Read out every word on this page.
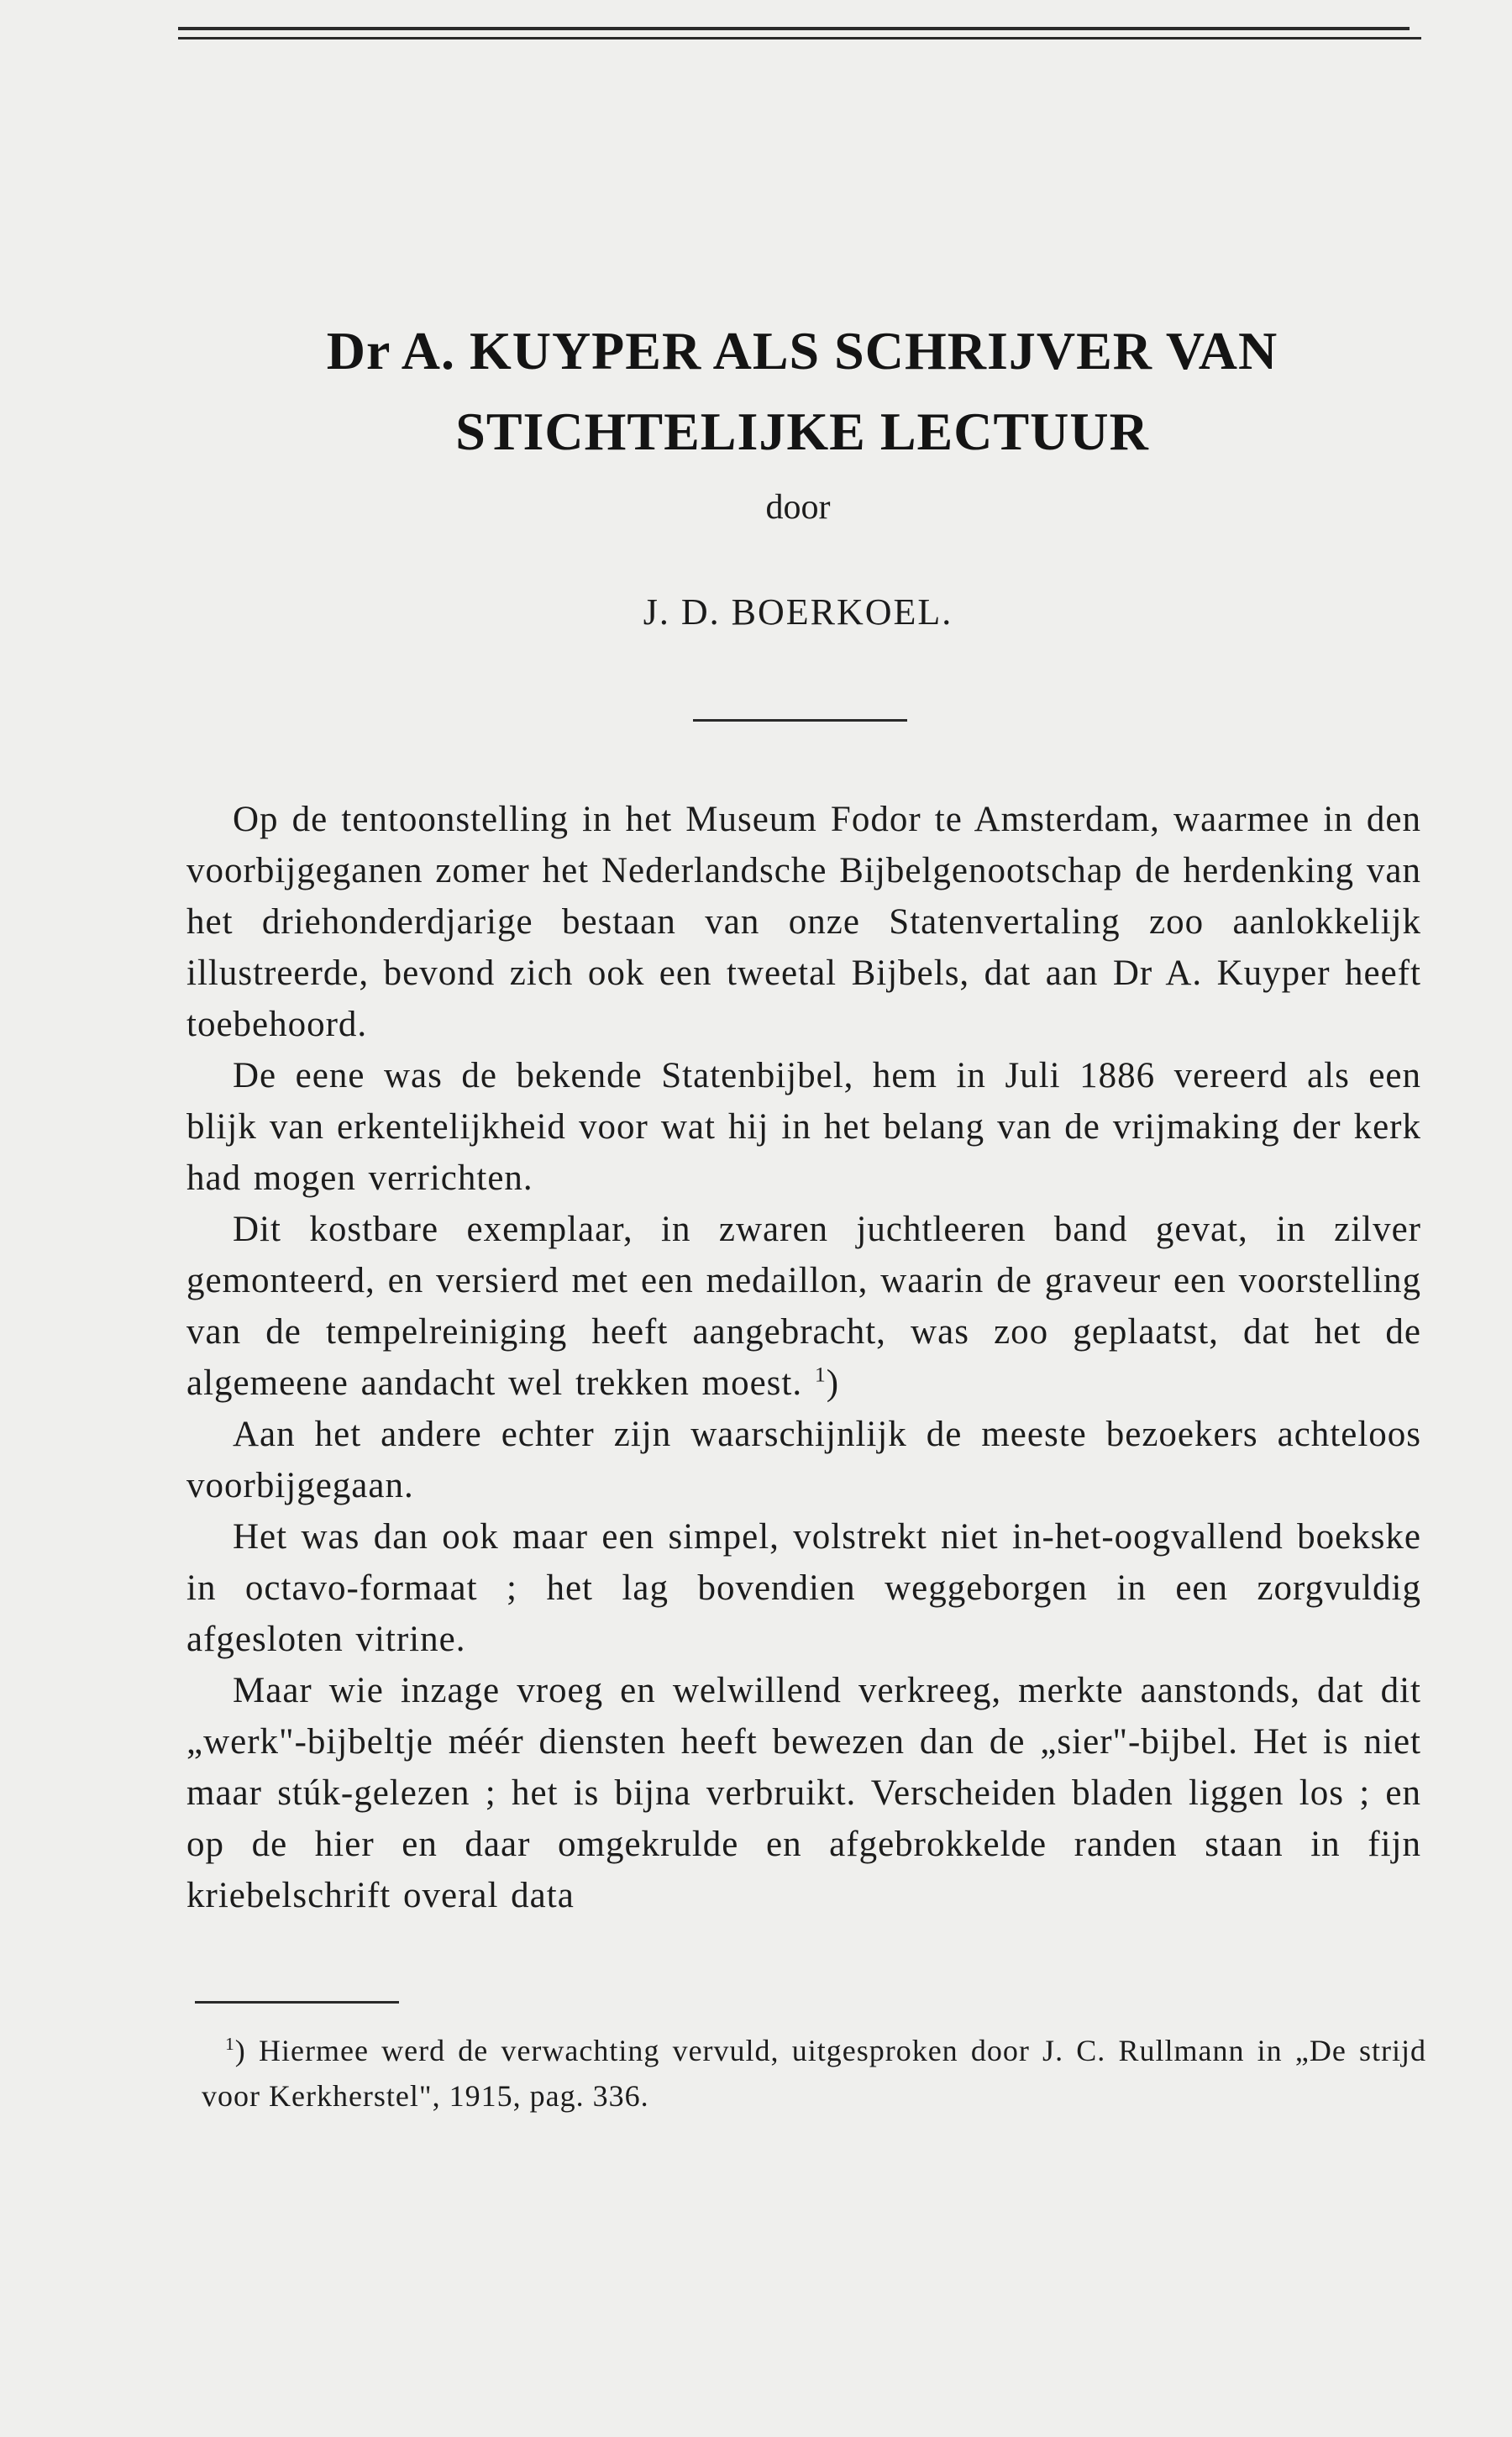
Dr A. KUYPER ALS SCHRIJVER VAN
STICHTELIJKE LECTUUR
door
J. D. BOERKOEL.

Op de tentoonstelling in het Museum Fodor te Amsterdam, waarmee in den voorbijgeganen zomer het Nederlandsche Bijbelgenootschap de herdenking van het driehonderdjarige bestaan van onze Statenvertaling zoo aanlokkelijk illustreerde, bevond zich ook een tweetal Bijbels, dat aan Dr A. Kuyper heeft toebehoord.

De eene was de bekende Statenbijbel, hem in Juli 1886 vereerd als een blijk van erkentelijkheid voor wat hij in het belang van de vrijmaking der kerk had mogen verrichten.

Dit kostbare exemplaar, in zwaren juchtleeren band gevat, in zilver gemonteerd, en versierd met een medaillon, waarin de graveur een voorstelling van de tempelreiniging heeft aangebracht, was zoo geplaatst, dat het de algemeene aandacht wel trekken moest. $^1$)

Aan het andere echter zijn waarschijnlijk de meeste bezoekers achteloos voorbijgegaan.

Het was dan ook maar een simpel, volstrekt niet in-het-oogvallend boekske in octavo-formaat ; het lag bovendien weggeborgen in een zorgvuldig afgesloten vitrine.

Maar wie inzage vroeg en welwillend verkreeg, merkte aanstonds, dat dit „werk"-bijbeltje méér diensten heeft bewezen dan de „sier"-bijbel. Het is niet maar stúk-gelezen ; het is bijna verbruikt. Verscheiden bladen liggen los ; en op de hier en daar omgekrulde en afgebrokkelde randen staan in fijn kriebelschrift overal data

$^1$) Hiermee werd de verwachting vervuld, uitgesproken door J. C. Rullmann in „De strijd voor Kerkherstel", 1915, pag. 336.
